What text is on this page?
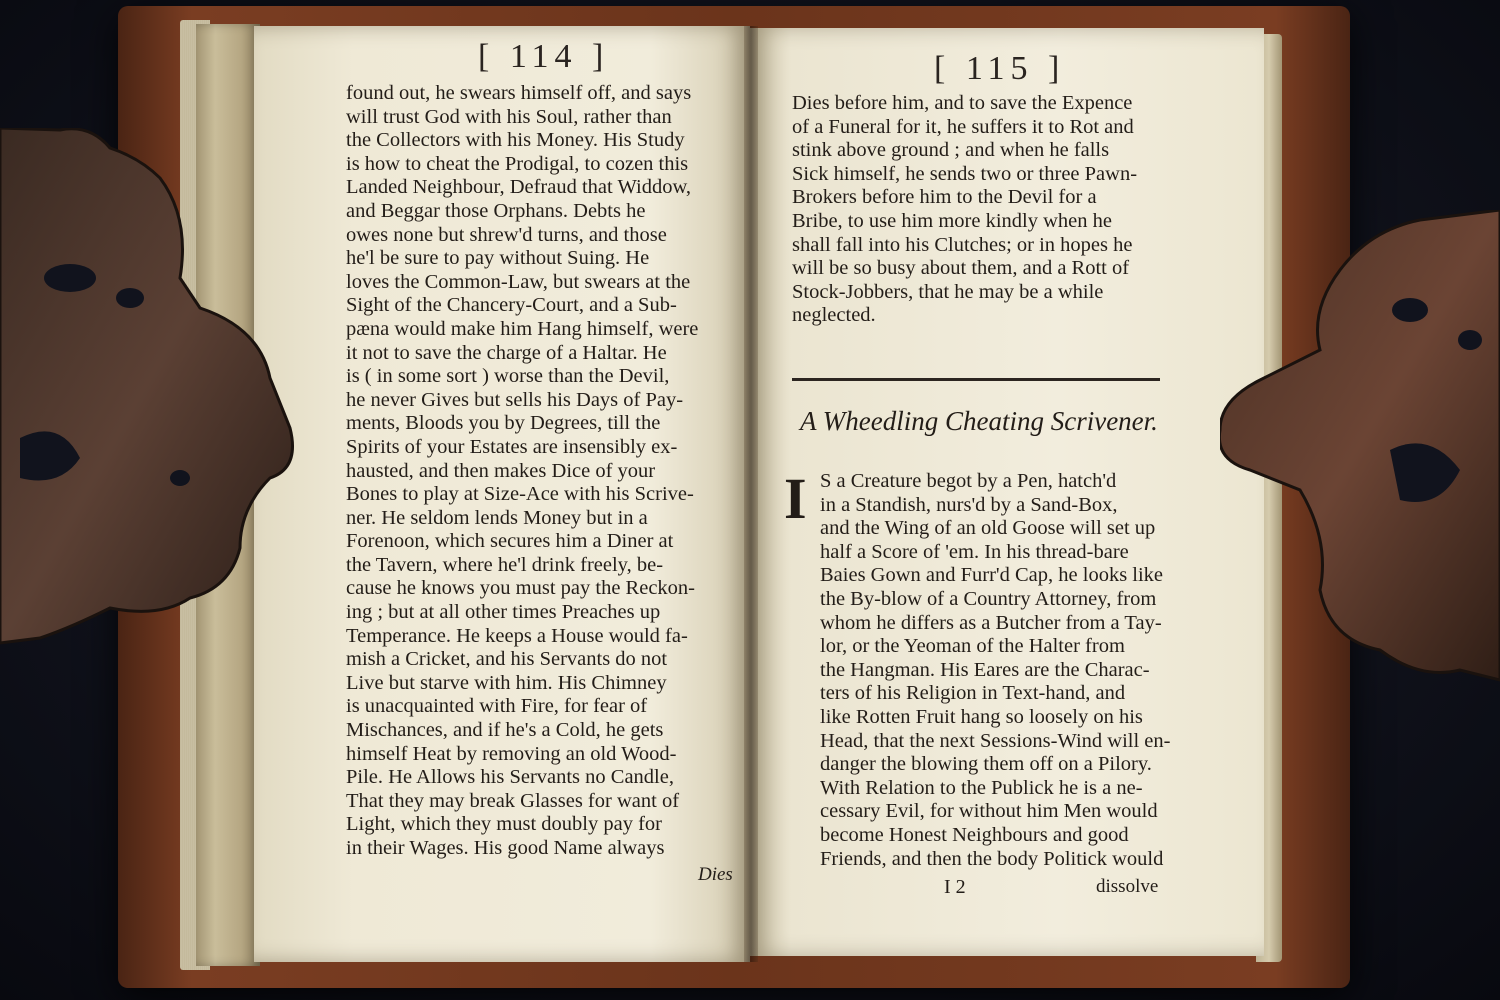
[ 114 ]	[ 115 ]
found out, he swears himself off, and says
will trust God with his Soul, rather than
the Collectors with his Money. His Study
is how to cheat the Prodigal, to cozen this
Landed Neighbour, Defraud that Widdow,
and Beggar those Orphans. Debts he
owes none but shrew'd turns, and those
he'l be sure to pay without Suing. He
loves the Common-Law, but swears at the
Sight of the Chancery-Court, and a Sub-
pæna would make him Hang himself, were
it not to save the charge of a Haltar. He
is ( in some sort ) worse than the Devil,
he never Gives but sells his Days of Pay-
ments, Bloods you by Degrees, till the
Spirits of your Estates are insensibly ex-
hausted, and then makes Dice of your
Bones to play at Size-Ace with his Scrive-
ner. He seldom lends Money but in a
Forenoon, which secures him a Diner at
the Tavern, where he'l drink freely, be-
cause he knows you must pay the Reckon-
ing ; but at all other times Preaches up
Temperance. He keeps a House would fa-
mish a Cricket, and his Servants do not
Live but starve with him. His Chimney
is unacquainted with Fire, for fear of
Mischances, and if he's a Cold, he gets
himself Heat by removing an old Wood-
Pile. He Allows his Servants no Candle,
That they may break Glasses for want of
Light, which they must doubly pay for
in their Wages. His good Name always
Dies
Dies before him, and to save the Expence
of a Funeral for it, he suffers it to Rot and
stink above ground ; and when he falls
Sick himself, he sends two or three Pawn-
Brokers before him to the Devil for a
Bribe, to use him more kindly when he
shall fall into his Clutches; or in hopes he
will be so busy about them, and a Rott of
Stock-Jobbers, that he may be a while
neglected.
A Wheedling Cheating Scrivener.
I S a Creature begot by a Pen, hatch'd
in a Standish, nurs'd by a Sand-Box,
and the Wing of an old Goose will set up
half a Score of 'em. In his thread-bare
Baies Gown and Furr'd Cap, he looks like
the By-blow of a Country Attorney, from
whom he differs as a Butcher from a Tay-
lor, or the Yeoman of the Halter from
the Hangman. His Eares are the Charac-
ters of his Religion in Text-hand, and
like Rotten Fruit hang so loosely on his
Head, that the next Sessions-Wind will en-
danger the blowing them off on a Pilory.
With Relation to the Publick he is a ne-
cessary Evil, for without him Men would
become Honest Neighbours and good
Friends, and then the body Politick would
I 2	dissolve
